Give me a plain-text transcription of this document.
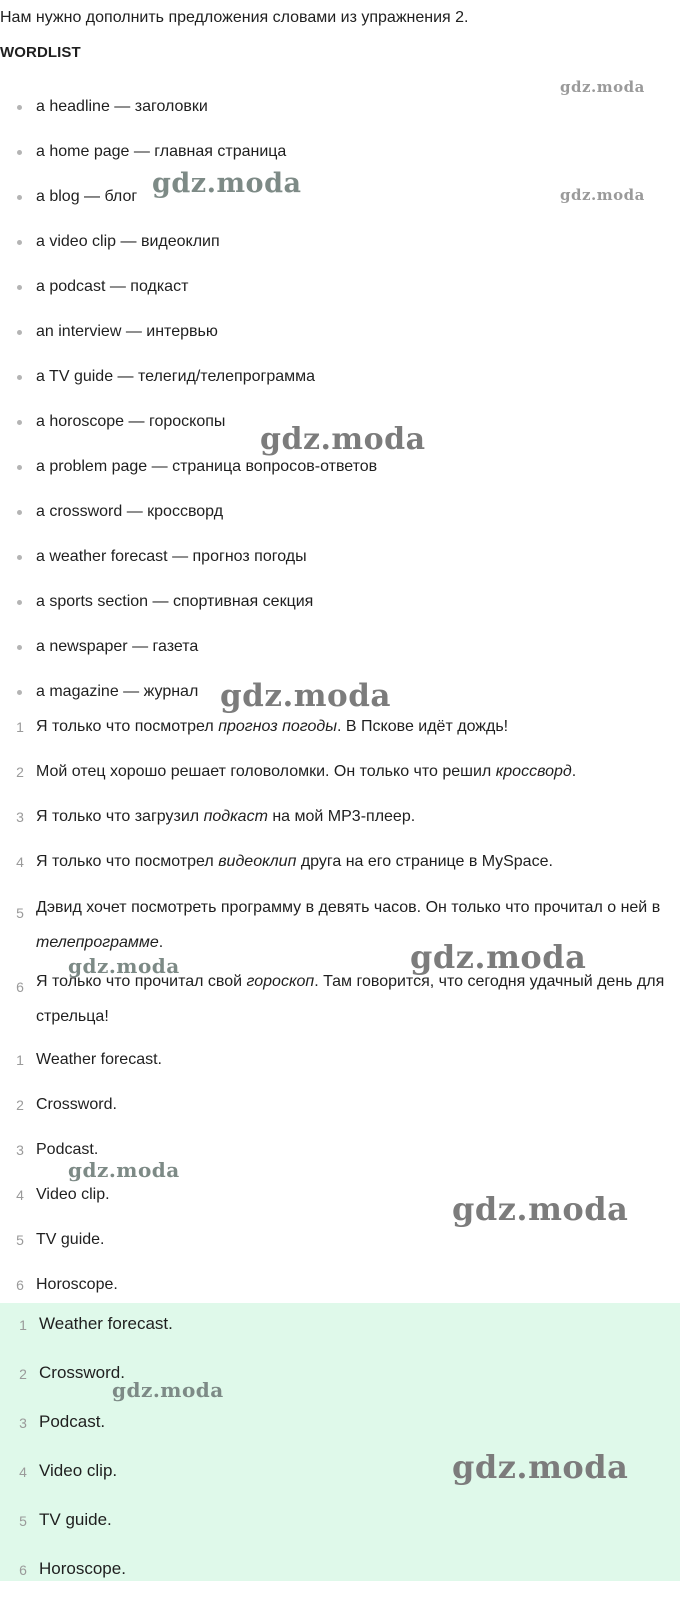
Нам нужно дополнить предложения словами из упражнения 2.
WORDLIST
a headline — заголовки
a home page — главная страница
a blog — блог
a video clip — видеоклип
a podcast — подкаст
an interview — интервью
a TV guide — телегид/телепрограмма
a horoscope — гороскопы
a problem page — страница вопросов-ответов
a crossword — кроссворд
a weather forecast — прогноз погоды
a sports section — спортивная секция
a newspaper — газета
a magazine — журнал
1 Я только что посмотрел прогноз погоды. В Пскове идёт дождь!
2 Мой отец хорошо решает головоломки. Он только что решил кроссворд.
3 Я только что загрузил подкаст на мой MP3-плеер.
4 Я только что посмотрел видеоклип друга на его странице в MySpace.
5 Дэвид хочет посмотреть программу в девять часов. Он только что прочитал о ней в телепрограмме.
6 Я только что прочитал свой гороскоп. Там говорится, что сегодня удачный день для стрельца!
1 Weather forecast.
2 Crossword.
3 Podcast.
4 Video clip.
5 TV guide.
6 Horoscope.
1 Weather forecast.
2 Crossword.
3 Podcast.
4 Video clip.
5 TV guide.
6 Horoscope.
gdz.moda
gdz.moda
gdz.moda
gdz.moda
gdz.moda
gdz.moda
gdz.moda
gdz.moda
gdz.moda
gdz.moda
gdz.moda
